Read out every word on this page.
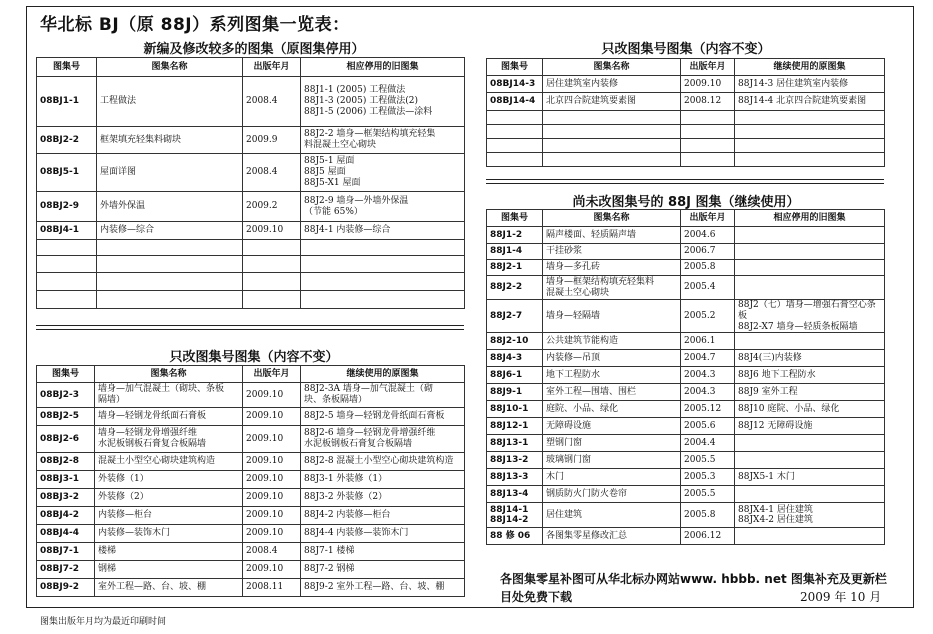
华北标 BJ（原 88J）系列图集一览表：
新编及修改较多的图集（原图集停用）
图集号	图集名称	出版年月	相应停用的旧图集
08BJ1-1	工程做法	2008.4	88J1-1 (2005) 工程做法
88J1-3 (2005) 工程做法(2)
88J1-5 (2006) 工程做法—涂料
08BJ2-2	框架填充轻集料砌块	2009.9	88J2-2 墙身—框架结构填充轻集
料混凝土空心砌块
08BJ5-1	屋面详图	2008.4	88J5-1 屋面
88J5 屋面
88J5-X1 屋面
08BJ2-9	外墙外保温	2009.2	88J2-9 墙身—外墙外保温
（节能 65%）
08BJ4-1	内装修—综合	2009.10	88J4-1 内装修—综合

只改图集号图集（内容不变）
图集号	图集名称	出版年月	继续使用的原图集
08BJ2-3	墙身—加气混凝土（砌块、条板
隔墙）	2009.10	88J2-3A 墙身—加气混凝土（砌
块、条板隔墙）
08BJ2-5	墙身—轻钢龙骨纸面石膏板	2009.10	88J2-5 墙身—轻钢龙骨纸面石膏板
08BJ2-6	墙身—轻钢龙骨增强纤维
水泥板钢板石膏复合板隔墙	2009.10	88J2-6 墙身—轻钢龙骨增强纤维
水泥板钢板石膏复合板隔墙
08BJ2-8	混凝土小型空心砌块建筑构造	2009.10	88J2-8 混凝土小型空心砌块建筑构造
08BJ3-1	外装修（1）	2009.10	88J3-1 外装修（1）
08BJ3-2	外装修（2）	2009.10	88J3-2 外装修（2）
08BJ4-2	内装修—柜台	2009.10	88J4-2 内装修—柜台
08BJ4-4	内装修—装饰木门	2009.10	88J4-4 内装修—装饰木门
08BJ7-1	楼梯	2008.4	88J7-1 楼梯
08BJ7-2	钢梯	2009.10	88J7-2 钢梯
08BJ9-2	室外工程—路、台、坡、棚	2008.11	88J9-2 室外工程—路、台、坡、棚
只改图集号图集（内容不变）
图集号	图集名称	出版年月	继续使用的原图集
08BJ14-3	居住建筑室内装修	2009.10	88J14-3 居住建筑室内装修
08BJ14-4	北京四合院建筑要素图	2008.12	88J14-4 北京四合院建筑要素图

尚未改图集号的 88J 图集（继续使用）
图集号	图集名称	出版年月	相应停用的旧图集
88J1-2	隔声楼面、轻质隔声墙	2004.6	
88J1-4	干挂砂浆	2006.7	
88J2-1	墙身—多孔砖	2005.8	
88J2-2	墙身—框架结构填充轻集料
混凝土空心砌块	2005.4	
88J2-7	墙身—轻隔墙	2005.2	88J2（七）墙身—增强石膏空心条板
88J2-X7 墙身—轻质条板隔墙
88J2-10	公共建筑节能构造	2006.1	
88J4-3	内装修—吊顶	2004.7	88J4(三)内装修
88J6-1	地下工程防水	2004.3	88J6 地下工程防水
88J9-1	室外工程—围墙、围栏	2004.3	88J9 室外工程
88J10-1	庭院、小品、绿化	2005.12	88J10 庭院、小品、绿化
88J12-1	无障碍设施	2005.6	88J12 无障碍设施
88J13-1	塑钢门窗	2004.4	
88J13-2	玻璃钢门窗	2005.5	
88J13-3	木门	2005.3	88JX5-1 木门
88J13-4	钢质防火门防火卷帘	2005.5	
88J14-1
88J14-2	居住建筑	2005.8	88JX4-1 居住建筑
88JX4-2 居住建筑
88 修 06	各图集零星修改汇总	2006.12	
各图集零星补图可从华北标办网站www. hbbb. net 图集补充及更新栏目处免费下载	2009 年 10 月
图集出版年月均为最近印刷时间
